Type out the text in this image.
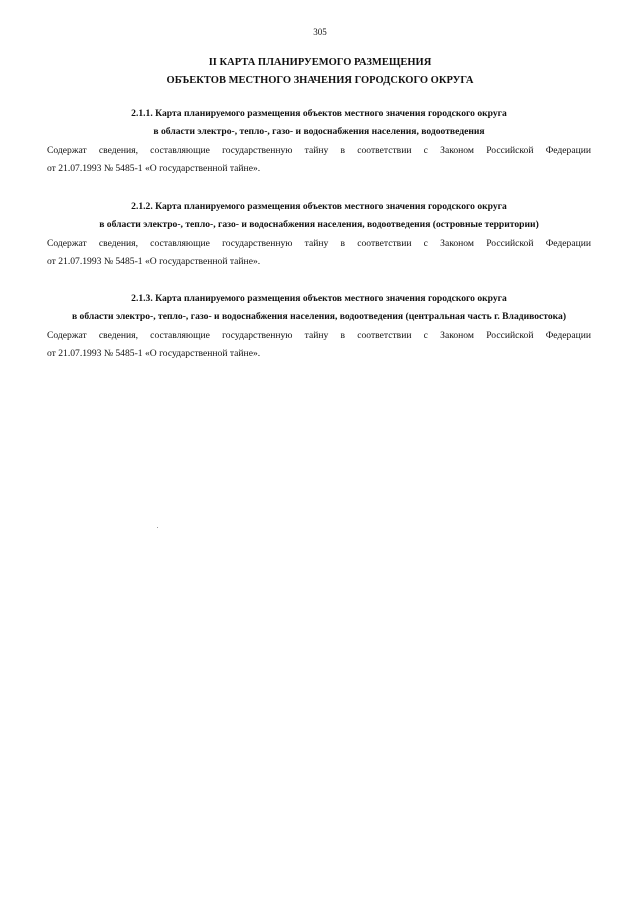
305
II КАРТА ПЛАНИРУЕМОГО РАЗМЕЩЕНИЯ
ОБЪЕКТОВ МЕСТНОГО ЗНАЧЕНИЯ ГОРОДСКОГО ОКРУГА
2.1.1. Карта планируемого размещения объектов местного значения городского округа
в области электро-, тепло-, газо- и водоснабжения населения, водоотведения
Содержат сведения, составляющие государственную тайну в соответствии с Законом Российской Федерации
от 21.07.1993 № 5485-1 «О государственной тайне».
2.1.2. Карта планируемого размещения объектов местного значения городского округа
в области электро-, тепло-, газо- и водоснабжения населения, водоотведения (островные территории)
Содержат сведения, составляющие государственную тайну в соответствии с Законом Российской Федерации
от 21.07.1993 № 5485-1 «О государственной тайне».
2.1.3. Карта планируемого размещения объектов местного значения городского округа
в области электро-, тепло-, газо- и водоснабжения населения, водоотведения (центральная часть г. Владивостока)
Содержат сведения, составляющие государственную тайну в соответствии с Законом Российской Федерации
от 21.07.1993 № 5485-1 «О государственной тайне».
